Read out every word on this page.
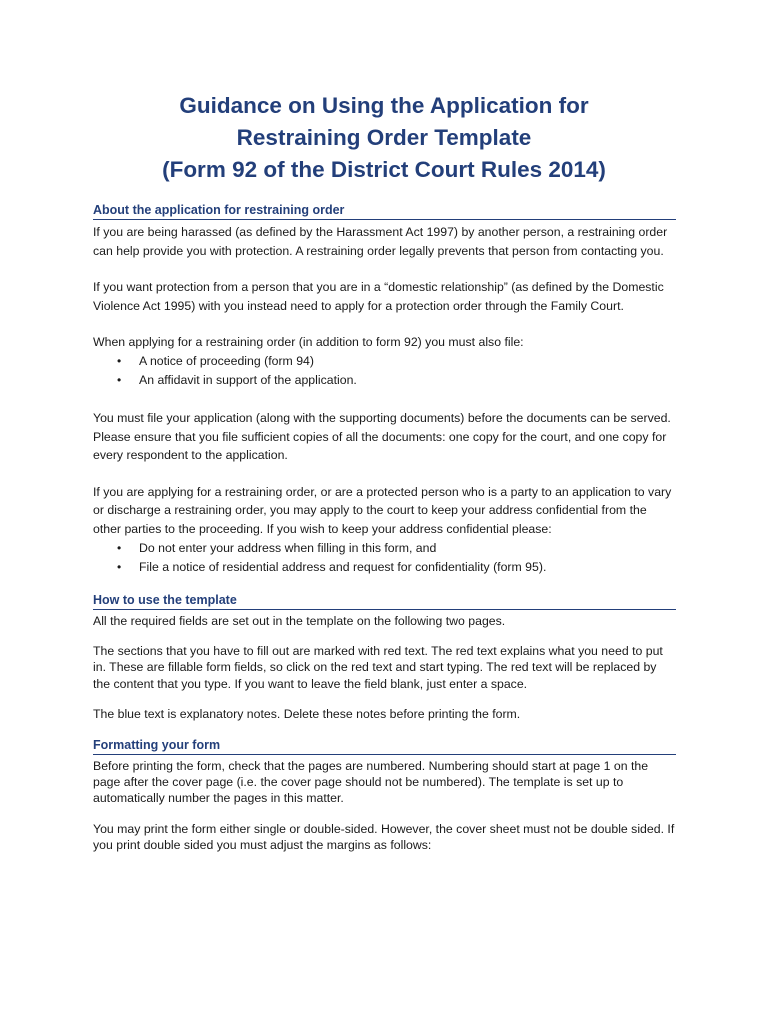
Guidance on Using the Application for
Restraining Order Template
(Form 92 of the District Court Rules 2014)
About the application for restraining order

If you are being harassed (as defined by the Harassment Act 1997) by another person, a restraining order can help provide you with protection. A restraining order legally prevents that person from contacting you.

If you want protection from a person that you are in a “domestic relationship” (as defined by the Domestic Violence Act 1995) with you instead need to apply for a protection order through the Family Court.

When applying for a restraining order (in addition to form 92) you must also file:

• A notice of proceeding (form 94)
• An affidavit in support of the application.

You must file your application (along with the supporting documents) before the documents can be served. Please ensure that you file sufficient copies of all the documents: one copy for the court, and one copy for every respondent to the application.

If you are applying for a restraining order, or are a protected person who is a party to an application to vary or discharge a restraining order, you may apply to the court to keep your address confidential from the other parties to the proceeding. If you wish to keep your address confidential please:

• Do not enter your address when filling in this form, and
• File a notice of residential address and request for confidentiality (form 95).
How to use the template

All the required fields are set out in the template on the following two pages.

The sections that you have to fill out are marked with red text. The red text explains what you need to put in. These are fillable form fields, so click on the red text and start typing. The red text will be replaced by the content that you type. If you want to leave the field blank, just enter a space.

The blue text is explanatory notes. Delete these notes before printing the form.

Formatting your form

Before printing the form, check that the pages are numbered. Numbering should start at page 1 on the page after the cover page (i.e. the cover page should not be numbered). The template is set up to automatically number the pages in this matter.

You may print the form either single or double-sided. However, the cover sheet must not be double sided. If you print double sided you must adjust the margins as follows:
